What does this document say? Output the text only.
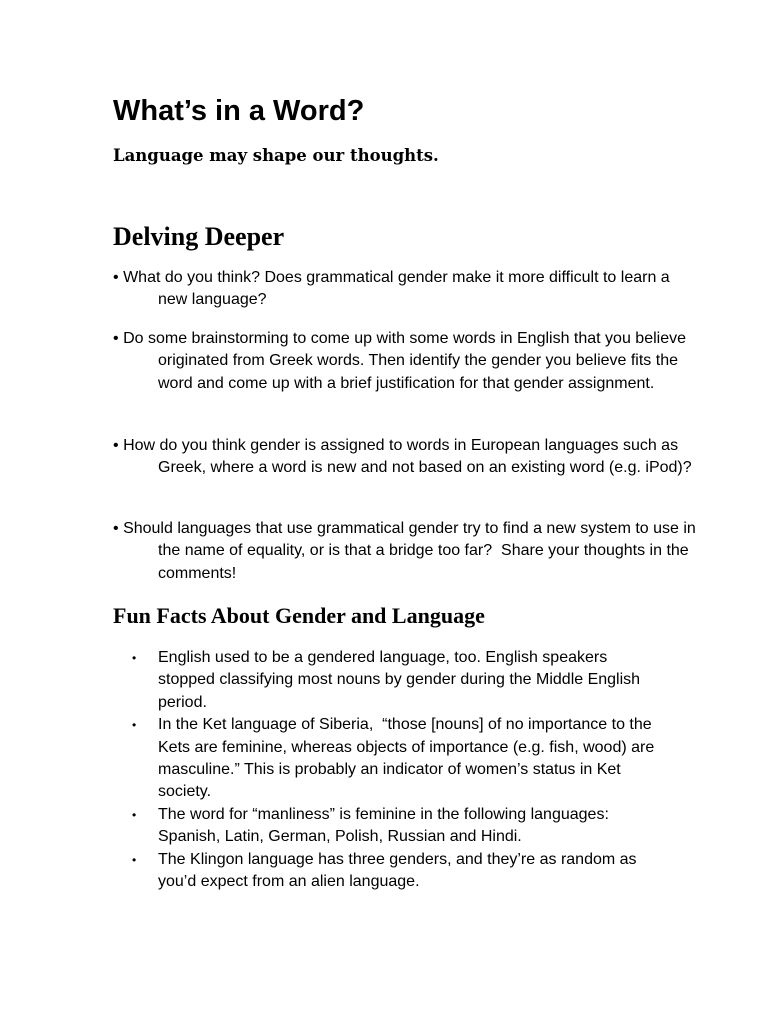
What’s in a Word?
Language may shape our thoughts.
Delving Deeper

• What do you think? Does grammatical gender make it more difficult to learn a new language?

• Do some brainstorming to come up with some words in English that you believe originated from Greek words. Then identify the gender you believe fits the word and come up with a brief justification for that gender assignment.

• How do you think gender is assigned to words in European languages such as Greek, where a word is new and not based on an existing word (e.g. iPod)?

• Should languages that use grammatical gender try to find a new system to use in the name of equality, or is that a bridge too far?  Share your thoughts in the comments!

Fun Facts About Gender and Language
• English used to be a gendered language, too. English speakers stopped classifying most nouns by gender during the Middle English period.
• In the Ket language of Siberia,  “those [nouns] of no importance to the Kets are feminine, whereas objects of importance (e.g. fish, wood) are masculine.” This is probably an indicator of women’s status in Ket society.
• The word for “manliness” is feminine in the following languages: Spanish, Latin, German, Polish, Russian and Hindi.
• The Klingon language has three genders, and they’re as random as you’d expect from an alien language.
